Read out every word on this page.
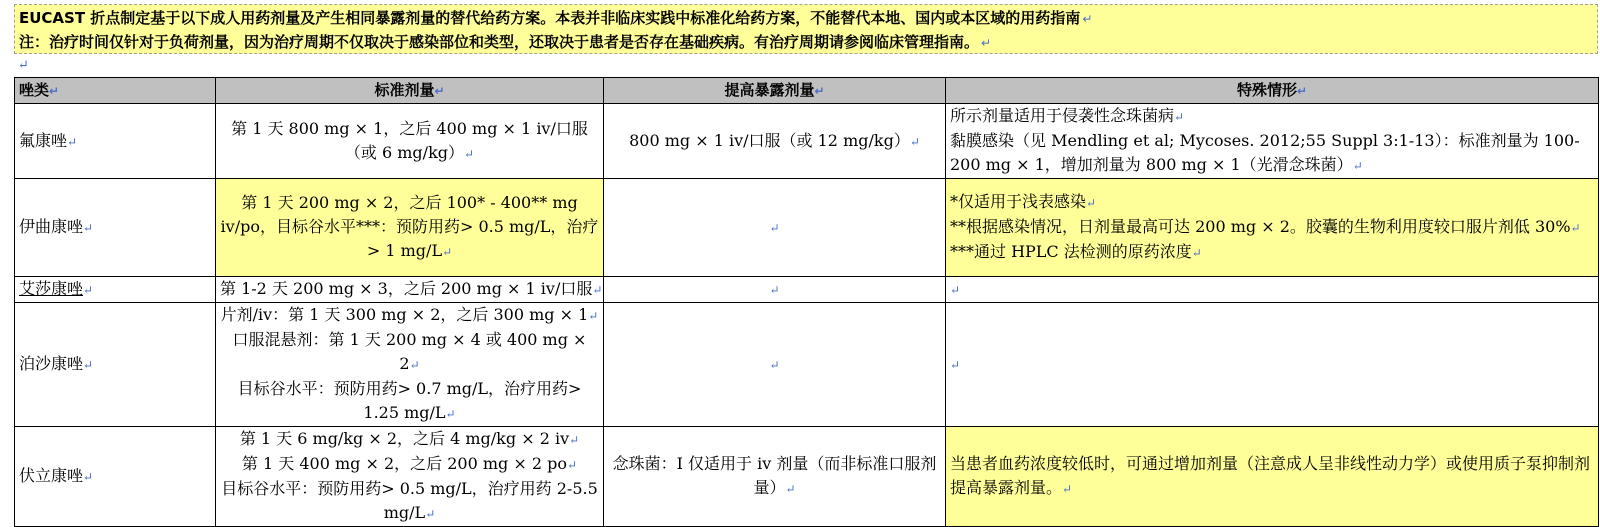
EUCAST 折点制定基于以下成人用药剂量及产生相同暴露剂量的替代给药方案。本表并非临床实践中标准化给药方案，不能替代本地、国内或本区域的用药指南 ↵
注：治疗时间仅针对于负荷剂量，因为治疗周期不仅取决于感染部位和类型，还取决于患者是否存在基础疾病。有治疗周期请参阅临床管理指南。 ↵
↵
唑类↵	标准剂量↵	提高暴露剂量↵	特殊情形↵
氟康唑↵	第 1 天 800 mg × 1，之后 400 mg × 1 iv/口服
（或 6 mg/kg）↵	800 mg × 1 iv/口服（或 12 mg/kg）↵	所示剂量适用于侵袭性念珠菌病↵
黏膜感染（见 Mendling et al; Mycoses. 2012;55 Suppl 3:1-13）：标准剂量为 100-200 mg × 1，增加剂量为 800 mg × 1（光滑念珠菌）↵
伊曲康唑↵	第 1 天 200 mg × 2，之后 100* - 400** mg iv/po，目标谷水平***：预防用药> 0.5 mg/L，治疗> 1 mg/L↵	↵	*仅适用于浅表感染↵
**根据感染情况，日剂量最高可达 200 mg × 2。胶囊的生物利用度较口服片剂低 30%↵
***通过 HPLC 法检测的原药浓度↵
艾莎康唑↵	第 1-2 天 200 mg × 3，之后 200 mg × 1 iv/口服↵	↵	↵
泊沙康唑↵	片剂/iv：第 1 天 300 mg × 2，之后 300 mg × 1↵
口服混悬剂：第 1 天 200 mg × 4 或 400 mg × 2↵
目标谷水平：预防用药> 0.7 mg/L，治疗用药> 1.25 mg/L↵	↵	↵
伏立康唑↵	第 1 天 6 mg/kg × 2，之后 4 mg/kg × 2 iv↵
第 1 天 400 mg × 2，之后 200 mg × 2 po↵
目标谷水平：预防用药> 0.5 mg/L，治疗用药 2-5.5 mg/L↵	念珠菌：I 仅适用于 iv 剂量（而非标准口服剂量）↵	当患者血药浓度较低时，可通过增加剂量（注意成人呈非线性动力学）或使用质子泵抑制剂提高暴露剂量。↵
